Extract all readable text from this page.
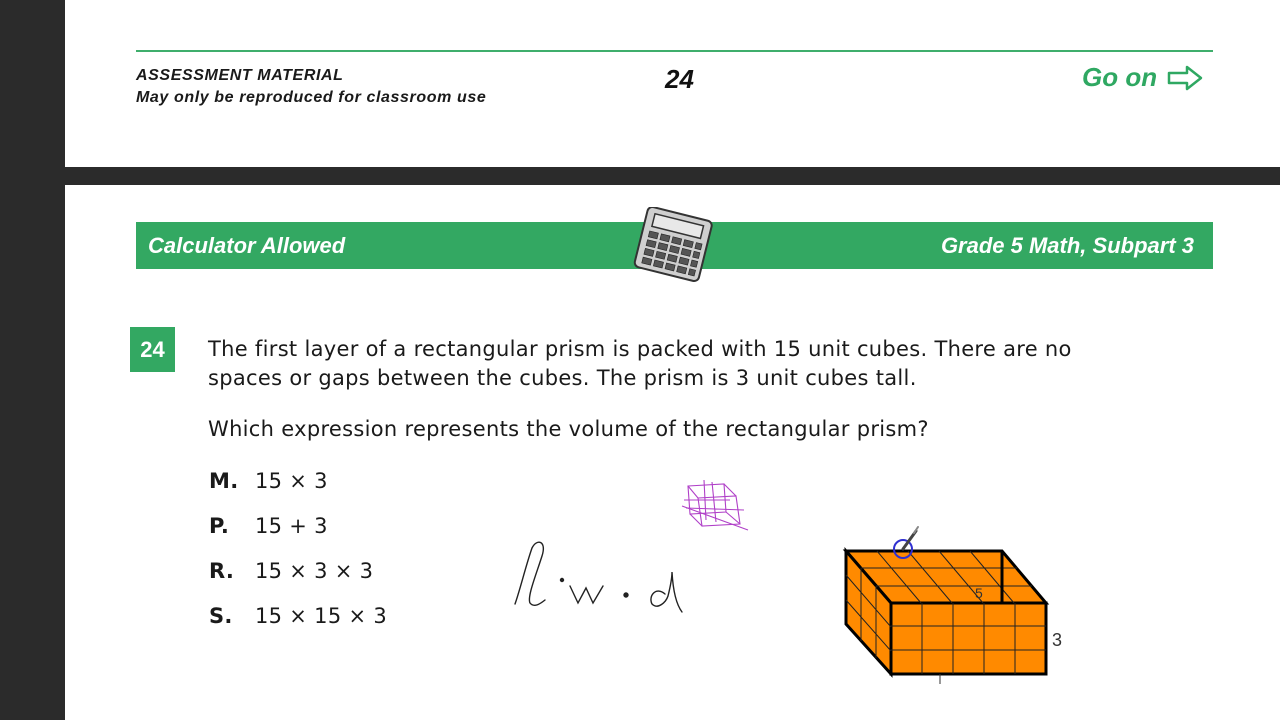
ASSESSMENT MATERIAL
May only be reproduced for classroom use
24	Go on
Calculator Allowed	Grade 5 Math, Subpart 3
24	The first layer of a rectangular prism is packed with 15 unit cubes. There are no

spaces or gaps between the cubes. The prism is 3 unit cubes tall.

Which expression represents the volume of the rectangular prism?
M. 15 × 3
P.	15 + 3
R. 15 × 3 × 3
S.	15 × 15 × 3
5
3
